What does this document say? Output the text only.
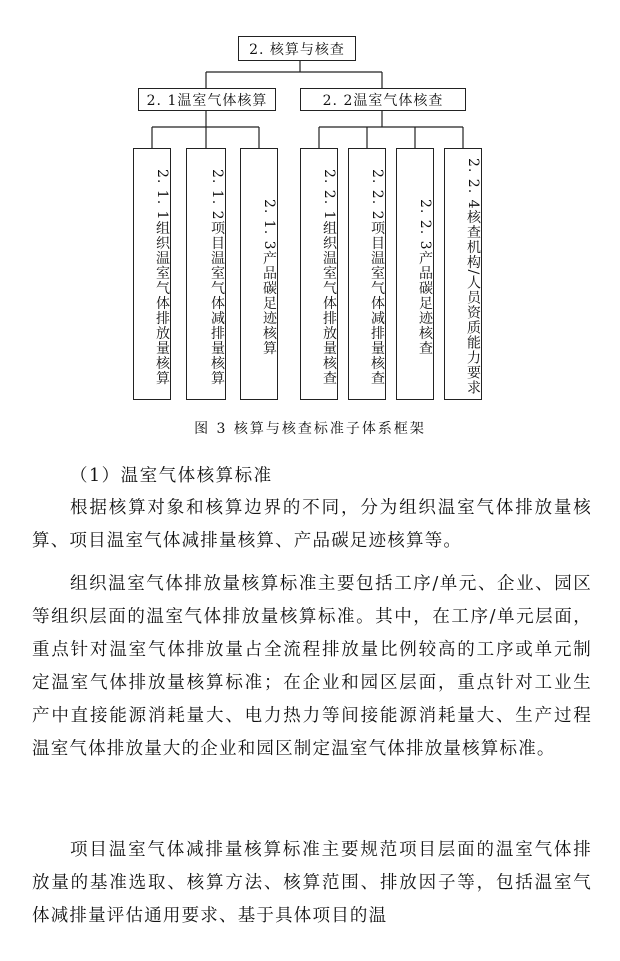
2. 核算与核查
2. 1温室气体核算	2. 2温室气体核查
2. 1. 1组织温室气体排放量核算	2. 1. 2项目温室气体减排量核算	2. 1. 3产品碳足迹核算	2. 2. 1组织温室气体排放量核查	2. 2. 2项目温室气体减排量核查	2. 2. 3产品碳足迹核查	2. 2. 4核查机构/人员资质能力要求
图 3 核算与核查标准子体系框架
（1）温室气体核算标准
根据核算对象和核算边界的不同，分为组织温室气体排放量核算、项目温室气体减排量核算、产品碳足迹核算等。
组织温室气体排放量核算标准主要包括工序/单元、企业、园区等组织层面的温室气体排放量核算标准。其中，在工序/单元层面，重点针对温室气体排放量占全流程排放量比例较高的工序或单元制定温室气体排放量核算标准；在企业和园区层面，重点针对工业生产中直接能源消耗量大、电力热力等间接能源消耗量大、生产过程温室气体排放量大的企业和园区制定温室气体排放量核算标准。
项目温室气体减排量核算标准主要规范项目层面的温室气体排放量的基准选取、核算方法、核算范围、排放因子等，包括温室气体减排量评估通用要求、基于具体项目的温
